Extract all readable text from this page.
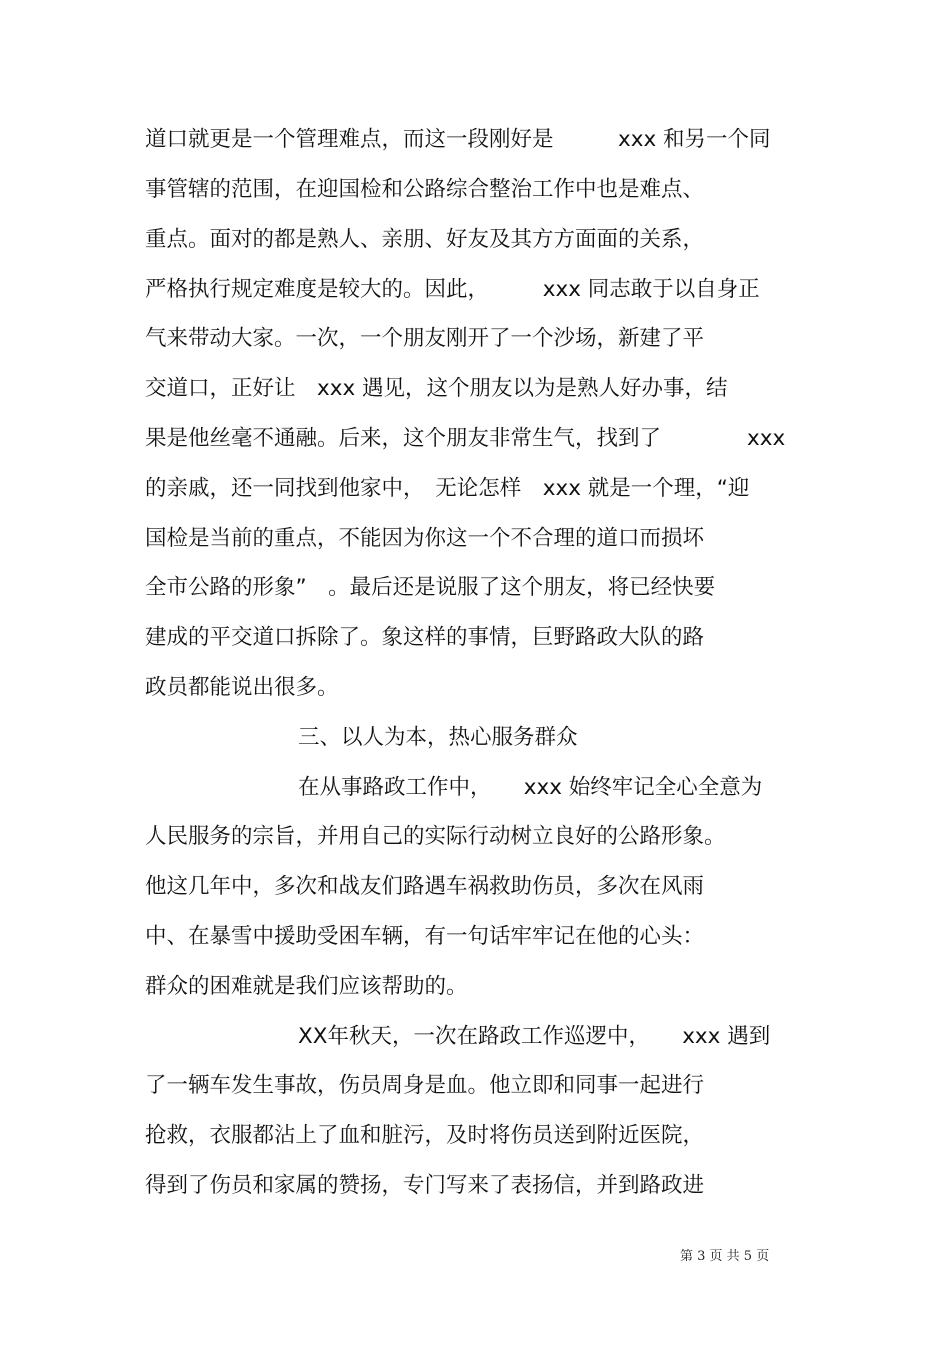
道口就更是一个管理难点，而这一段刚好是　　　xxx 和另一个同
事管辖的范围，在迎国检和公路综合整治工作中也是难点、
重点。面对的都是熟人、亲朋、好友及其方方面面的关系，
严格执行规定难度是较大的。因此，　　　xxx 同志敢于以自身正
气来带动大家。一次，一个朋友刚开了一个沙场，新建了平
交道口，正好让　xxx 遇见，这个朋友以为是熟人好办事，结
果是他丝毫不通融。后来，这个朋友非常生气，找到了　　　　xxx
的亲戚，还一同找到他家中，　无论怎样　xxx 就是一个理，“迎
国检是当前的重点，不能因为你这一个不合理的道口而损坏
全市公路的形象”　。最后还是说服了这个朋友，将已经快要
建成的平交道口拆除了。象这样的事情，巨野路政大队的路
政员都能说出很多。
三、以人为本，热心服务群众
在从事路政工作中，　　xxx 始终牢记全心全意为
人民服务的宗旨，并用自己的实际行动树立良好的公路形象。
他这几年中，多次和战友们路遇车祸救助伤员，多次在风雨
中、在暴雪中援助受困车辆，有一句话牢牢记在他的心头：
群众的困难就是我们应该帮助的。
XX年秋天，一次在路政工作巡逻中，　　xxx 遇到
了一辆车发生事故，伤员周身是血。他立即和同事一起进行
抢救，衣服都沾上了血和脏污，及时将伤员送到附近医院，
得到了伤员和家属的赞扬，专门写来了表扬信，并到路政进
第 3 页 共 5 页
